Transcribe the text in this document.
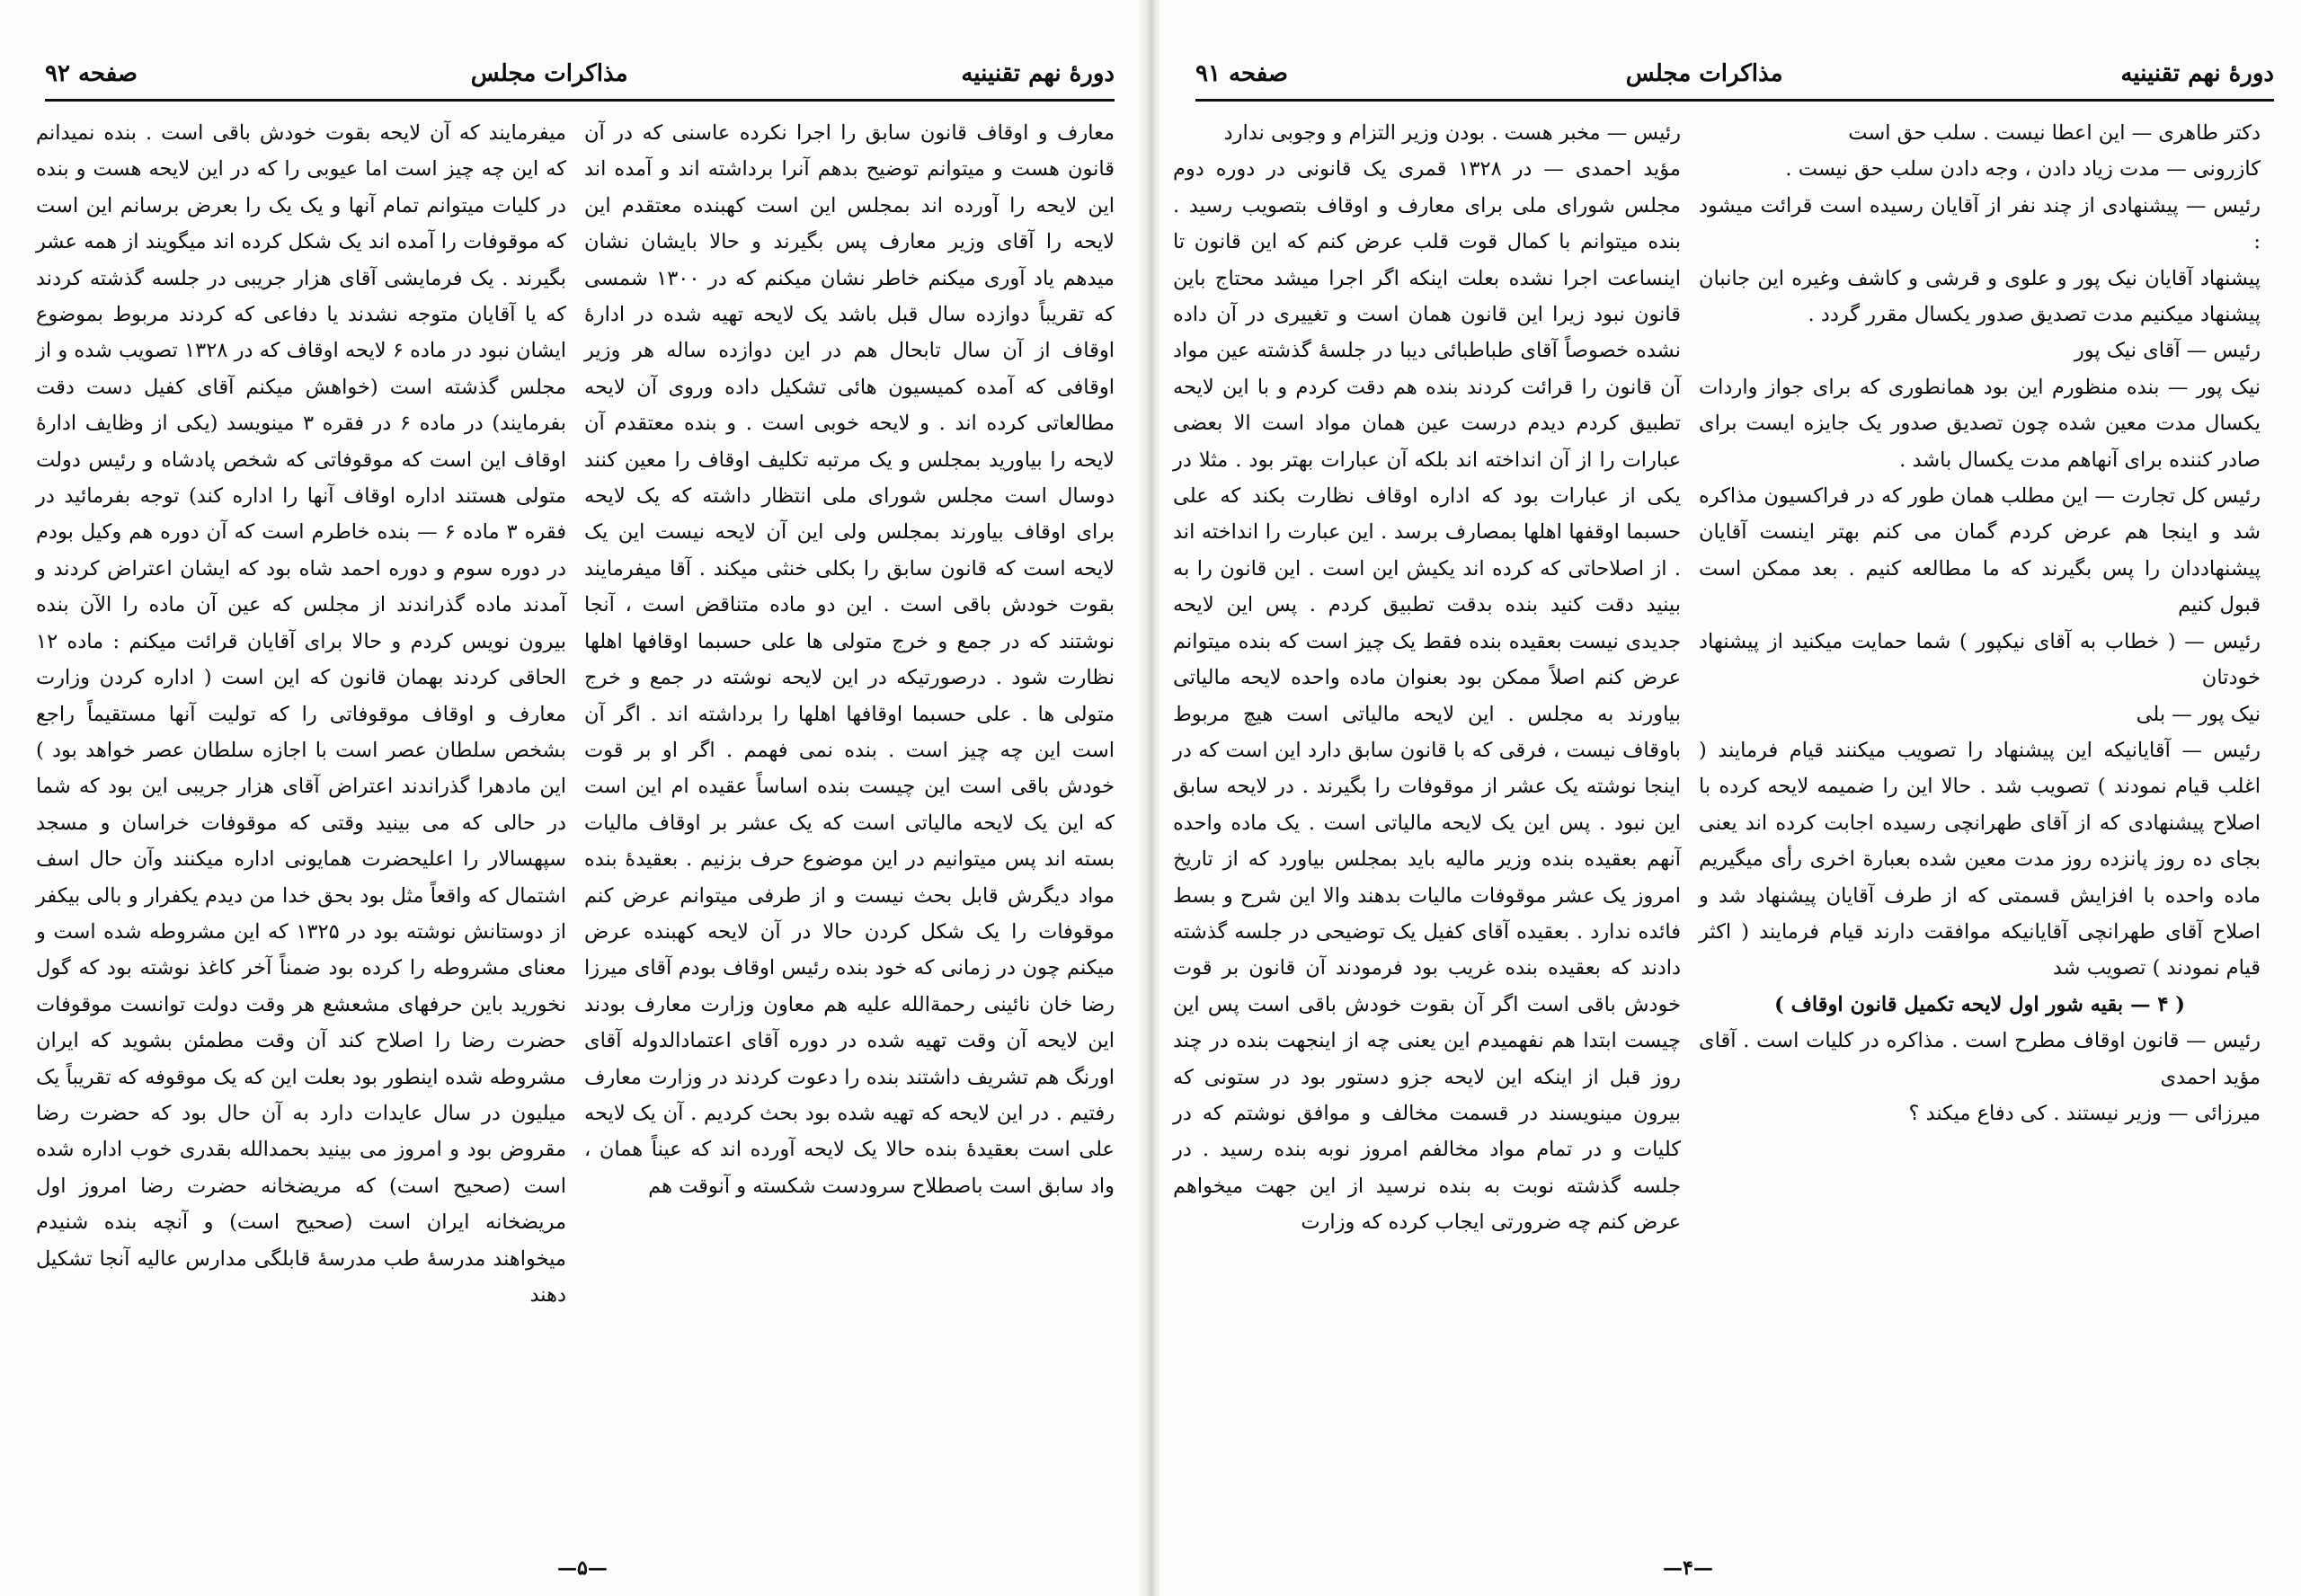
دورهٔ نهم تقنینیه
مذاکرات مجلس
صفحه ۹۲

معارف و اوقاف قانون سابق را اجرا نکرده عاسنی که در آن قانون هست و میتوانم توضیح بدهم آنرا برداشته اند و آمده اند این لایحه را آورده اند بمجلس این است کهبنده معتقدم این لایحه را آقای وزیر معارف پس بگیرند و حالا بایشان نشان میدهم یاد آوری میکنم خاطر نشان میکنم که در ۱۳۰۰ شمسی که تقریباً دوازده سال قبل باشد یک لایحه تهیه شده در ادارهٔ اوقاف از آن سال تابحال هم در این دوازده ساله هر وزیر اوقافی که آمده کمیسیون هائی تشکیل داده وروی آن لایحه مطالعاتی کرده اند . و لایحه خوبی است . و بنده معتقدم آن لایحه را بیاورید بمجلس و یک مرتبه تکلیف اوقاف را معین کنند دوسال است مجلس شورای ملی انتظار داشته که یک لایحه برای اوقاف بیاورند بمجلس ولی این آن لایحه نیست این یک لایحه است که قانون سابق را بکلی خنثی میکند . آقا میفرمایند بقوت خودش باقی است . این دو ماده متناقض است ، آنجا نوشتند که در جمع و خرج متولی ها علی حسبما اوقافها اهلها نظارت شود . درصورتیکه در این لایحه نوشته در جمع و خرج متولی ها . علی حسبما اوقافها اهلها را برداشته اند . اگر آن است این چه چیز است . بنده نمی فهمم . اگر او بر قوت خودش باقی است این چیست بنده اساساً عقیده ام این است که این یک لایحه مالیاتی است که یک عشر بر اوقاف مالیات بسته اند پس میتوانیم در این موضوع حرف بزنیم . بعقیدهٔ بنده مواد دیگرش قابل بحث نیست و از طرفی میتوانم عرض کنم موقوفات را یک شکل کردن حالا در آن لایحه کهبنده عرض میکنم چون در زمانی که خود بنده رئیس اوقاف بودم آقای میرزا رضا خان نائینی رحمةالله علیه هم معاون وزارت معارف بودند این لایحه آن وقت تهیه شده در دوره آقای اعتمادالدوله آقای اورنگ هم تشریف داشتند بنده را دعوت کردند در وزارت معارف رفتیم . در این لایحه که تهیه شده بود بحث کردیم . آن یک لایحه علی است بعقیدهٔ بنده حالا یک لایحه آورده اند که عیناً همان ، واد سابق است باصطلاح سرودست شکسته و آنوقت هم

میفرمایند که آن لایحه بقوت خودش باقی است . بنده نمیدانم که این چه چیز است اما عیوبی را که در این لایحه هست و بنده در کلیات میتوانم تمام آنها و یک یک را بعرض برسانم این است که موقوفات را آمده اند یک شکل کرده اند میگویند از همه عشر بگیرند . یک فرمایشی آقای هزار جریبی در جلسه گذشته کردند که یا آقایان متوجه نشدند یا دفاعی که کردند مربوط بموضوع ایشان نبود در ماده ۶ لایحه اوقاف که در ۱۳۲۸ تصویب شده و از مجلس گذشته است (خواهش میکنم آقای کفیل دست دقت بفرمایند) در ماده ۶ در فقره ۳ مینویسد (یکی از وظایف ادارهٔ اوقاف این است که موقوفاتی که شخص پادشاه و رئیس دولت متولی هستند اداره اوقاف آنها را اداره کند) توجه بفرمائید در فقره ۳ ماده ۶ — بنده خاطرم است که آن دوره هم وکیل بودم در دوره سوم و دوره احمد شاه بود که ایشان اعتراض کردند و آمدند ماده گذراندند از مجلس که عین آن ماده را الآن بنده بیرون نویس کردم و حالا برای آقایان قرائت میکنم : ماده ۱۲ الحاقی کردند بهمان قانون که این است ( اداره کردن وزارت معارف و اوقاف موقوفاتی را که تولیت آنها مستقیماً راجع بشخص سلطان عصر است با اجازه سلطان عصر خواهد بود ) این مادهرا گذراندند اعتراض آقای هزار جریبی این بود که شما در حالی که می بینید وقتی که موقوفات خراسان و مسجد سپهسالار را اعلیحضرت همایونی اداره میکنند وآن حال اسف اشتمال که واقعاً مثل بود بحق خدا من دیدم یکفرار و بالی بیکفر از دوستانش نوشته بود در ۱۳۲۵ که این مشروطه شده است و معنای مشروطه را کرده بود ضمناً آخر کاغذ نوشته بود که گول نخورید باین حرفهای مشعشع هر وقت دولت توانست موقوفات حضرت رضا را اصلاح کند آن وقت مطمئن بشوید که ایران مشروطه شده اینطور بود بعلت این که یک موقوفه که تقریباً یک میلیون در سال عایدات دارد به آن حال بود که حضرت رضا مقروض بود و امروز می بینید بحمدالله بقدری خوب اداره شده است (صحیح است) که مریضخانه حضرت رضا امروز اول مریضخانه ایران است (صحیح است) و آنچه بنده شنیدم میخواهند مدرسهٔ طب مدرسهٔ قابلگی مدارس عالیه آنجا تشکیل دهند

—۵—
دورهٔ نهم تقنینیه
مذاکرات مجلس
صفحه ۹۱

دکتر طاهری — این اعطا نیست . سلب حق است

کازرونی — مدت زیاد دادن ، وجه دادن سلب حق نیست .

رئیس — پیشنهادی از چند نفر از آقایان رسیده است قرائت میشود :

پیشنهاد آقایان نیک پور و علوی و قرشی و کاشف وغیره این جانبان پیشنهاد میکنیم مدت تصدیق صدور یکسال مقرر گردد .

رئیس — آقای نیک پور

نیک پور — بنده منظورم این بود همانطوری که برای جواز واردات یکسال مدت معین شده چون تصدیق صدور یک جایزه ایست برای صادر کننده برای آنهاهم مدت یکسال باشد .

رئیس کل تجارت — این مطلب همان طور که در فراکسیون مذاکره شد و اینجا هم عرض کردم گمان می کنم بهتر اینست آقایان پیشنهاددان را پس بگیرند که ما مطالعه کنیم . بعد ممکن است قبول کنیم

رئیس — ( خطاب به آقای نیکپور ) شما حمایت میکنید از پیشنهاد خودتان

نیک پور — بلی

رئیس — آقایانیکه این پیشنهاد را تصویب میکنند قیام فرمایند ( اغلب قیام نمودند ) تصویب شد . حالا این را ضمیمه لایحه کرده با اصلاح پیشنهادی که از آقای طهرانچی رسیده اجابت کرده اند یعنی بجای ده روز پانزده روز مدت معین شده بعبارة اخری رأی میگیریم ماده واحده با افزایش قسمتی که از طرف آقایان پیشنهاد شد و اصلاح آقای طهرانچی آقایانیکه موافقت دارند قیام فرمایند ( اکثر قیام نمودند ) تصویب شد

( ۴ — بقیه شور اول لایحه تکمیل قانون اوقاف )

رئیس — قانون اوقاف مطرح است . مذاکره در کلیات است . آقای مؤید احمدی

میرزائی — وزیر نیستند . کی دفاع میکند ؟

رئیس — مخبر هست . بودن وزیر التزام و وجوبی ندارد

مؤید احمدی — در ۱۳۲۸ قمری یک قانونی در دوره دوم مجلس شورای ملی برای معارف و اوقاف بتصویب رسید . بنده میتوانم با کمال قوت قلب عرض کنم که این قانون تا اینساعت اجرا نشده بعلت اینکه اگر اجرا میشد محتاج باین قانون نبود زیرا این قانون همان است و تغییری در آن داده نشده خصوصاً آقای طباطبائی دیبا در جلسهٔ گذشته عین مواد آن قانون را قرائت کردند بنده هم دقت کردم و با این لایحه تطبیق کردم دیدم درست عین همان مواد است الا بعضی عبارات را از آن انداخته اند بلکه آن عبارات بهتر بود . مثلا در یکی از عبارات بود که اداره اوقاف نظارت بکند که علی حسبما اوقفها اهلها بمصارف برسد . این عبارت را انداخته اند . از اصلاحاتی که کرده اند یکیش این است . این قانون را به بینید دقت کنید بنده بدقت تطبیق کردم . پس این لایحه جدیدی نیست بعقیده بنده فقط یک چیز است که بنده میتوانم عرض کنم اصلاً ممکن بود بعنوان ماده واحده لایحه مالیاتی بیاورند به مجلس . این لایحه مالیاتی است هیچ مربوط باوقاف نیست ، فرقی که با قانون سابق دارد این است که در اینجا نوشته یک عشر از موقوفات را بگیرند . در لایحه سابق این نبود . پس این یک لایحه مالیاتی است . یک ماده واحده آنهم بعقیده بنده وزیر مالیه باید بمجلس بیاورد که از تاریخ امروز یک عشر موقوفات مالیات بدهند والا این شرح و بسط فائده ندارد . بعقیده آقای کفیل یک توضیحی در جلسه گذشته دادند که بعقیده بنده غریب بود فرمودند آن قانون بر قوت خودش باقی است اگر آن بقوت خودش باقی است پس این چیست ابتدا هم نفهمیدم این یعنی چه از اینجهت بنده در چند روز قبل از اینکه این لایحه جزو دستور بود در ستونی که بیرون مینویسند در قسمت مخالف و موافق نوشتم که در کلیات و در تمام مواد مخالفم امروز نوبه بنده رسید . در جلسه گذشته نوبت به بنده نرسید از این جهت میخواهم عرض کنم چه ضرورتی ایجاب کرده که وزارت

—۴—
